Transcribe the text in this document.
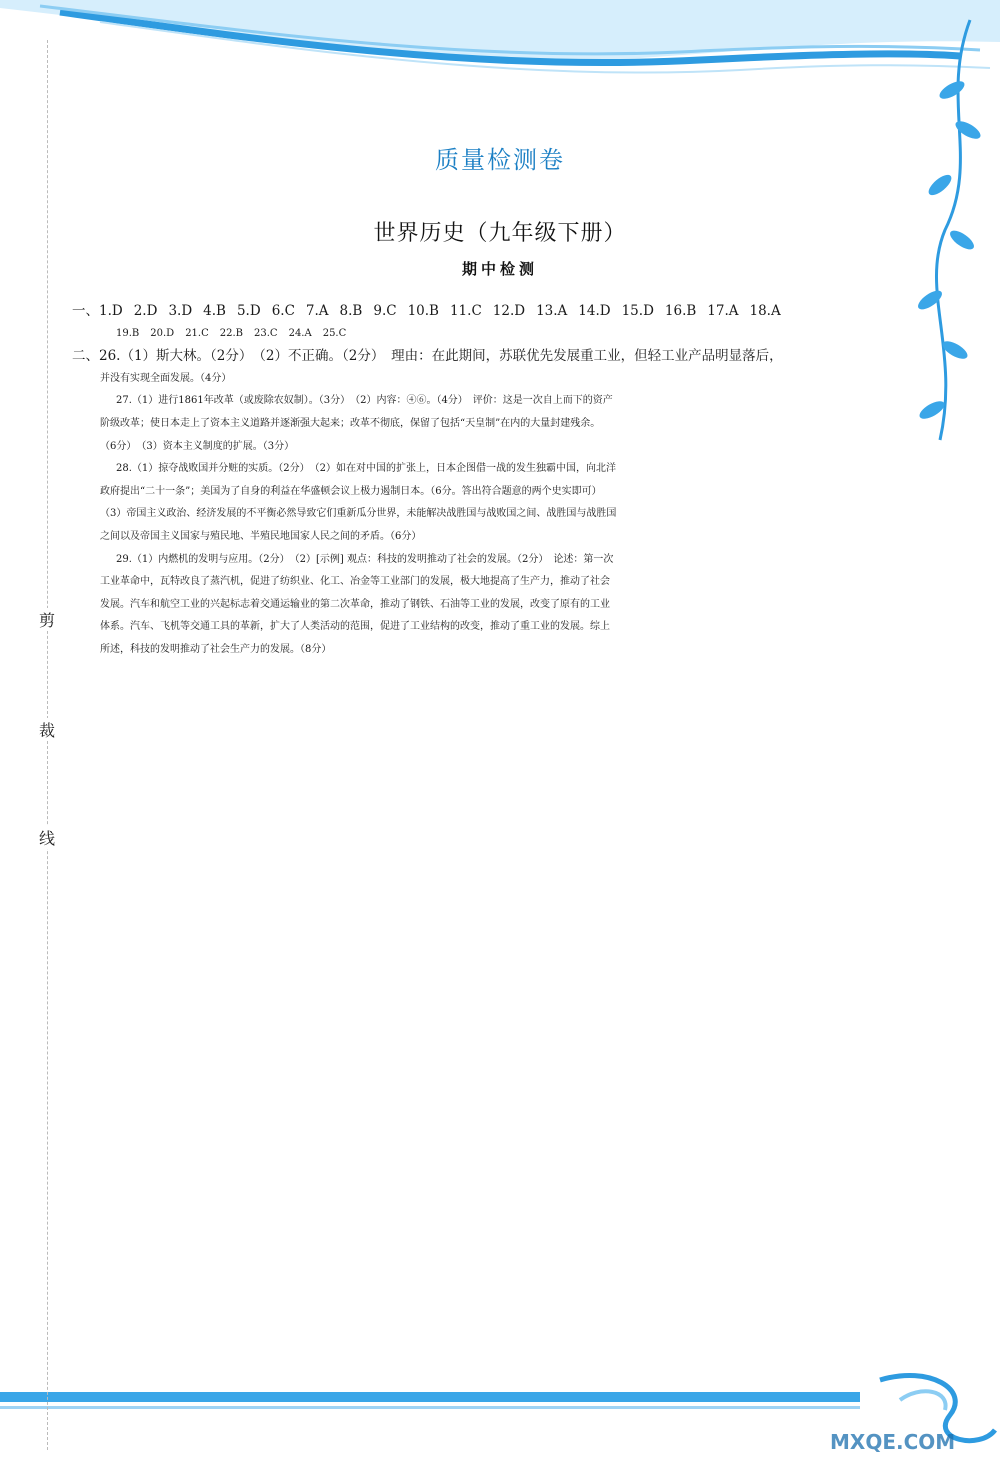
剪
裁
线
质量检测卷
世界历史（九年级下册）
期中检测
一、1.D 2.D 3.D 4.B 5.D 6.C 7.A 8.B 9.C 10.B 11.C 12.D 13.A 14.D 15.D 16.B 17.A 18.A
19.B 20.D 21.C 22.B 23.C 24.A 25.C
二、26.（1）斯大林。（2分）　（2）不正确。（2分）　理由：在此期间，苏联优先发展重工业，但轻工业产品明显落后，
并没有实现全面发展。（4分）
27.（1）进行1861年改革（或废除农奴制）。（3分）　（2）内容：④⑥。（4分）　评价：这是一次自上而下的资产
阶级改革；使日本走上了资本主义道路并逐渐强大起来；改革不彻底，保留了包括“天皇制”在内的大量封建残余。
（6分）　（3）资本主义制度的扩展。（3分）
28.（1）掠夺战败国并分赃的实质。（2分）　（2）如在对中国的扩张上，日本企图借一战的发生独霸中国，向北洋
政府提出“二十一条”；美国为了自身的利益在华盛顿会议上极力遏制日本。（6分。答出符合题意的两个史实即可）
（3）帝国主义政治、经济发展的不平衡必然导致它们重新瓜分世界，未能解决战胜国与战败国之间、战胜国与战胜国
之间以及帝国主义国家与殖民地、半殖民地国家人民之间的矛盾。（6分）
29.（1）内燃机的发明与应用。（2分）　（2）[示例] 观点：科技的发明推动了社会的发展。（2分）　论述：第一次
工业革命中，瓦特改良了蒸汽机，促进了纺织业、化工、冶金等工业部门的发展，极大地提高了生产力，推动了社会
发展。汽车和航空工业的兴起标志着交通运输业的第二次革命，推动了钢铁、石油等工业的发展，改变了原有的工业
体系。汽车、飞机等交通工具的革新，扩大了人类活动的范围，促进了工业结构的改变，推动了重工业的发展。综上
所述，科技的发明推动了社会生产力的发展。（8分）
MXQE.COM
